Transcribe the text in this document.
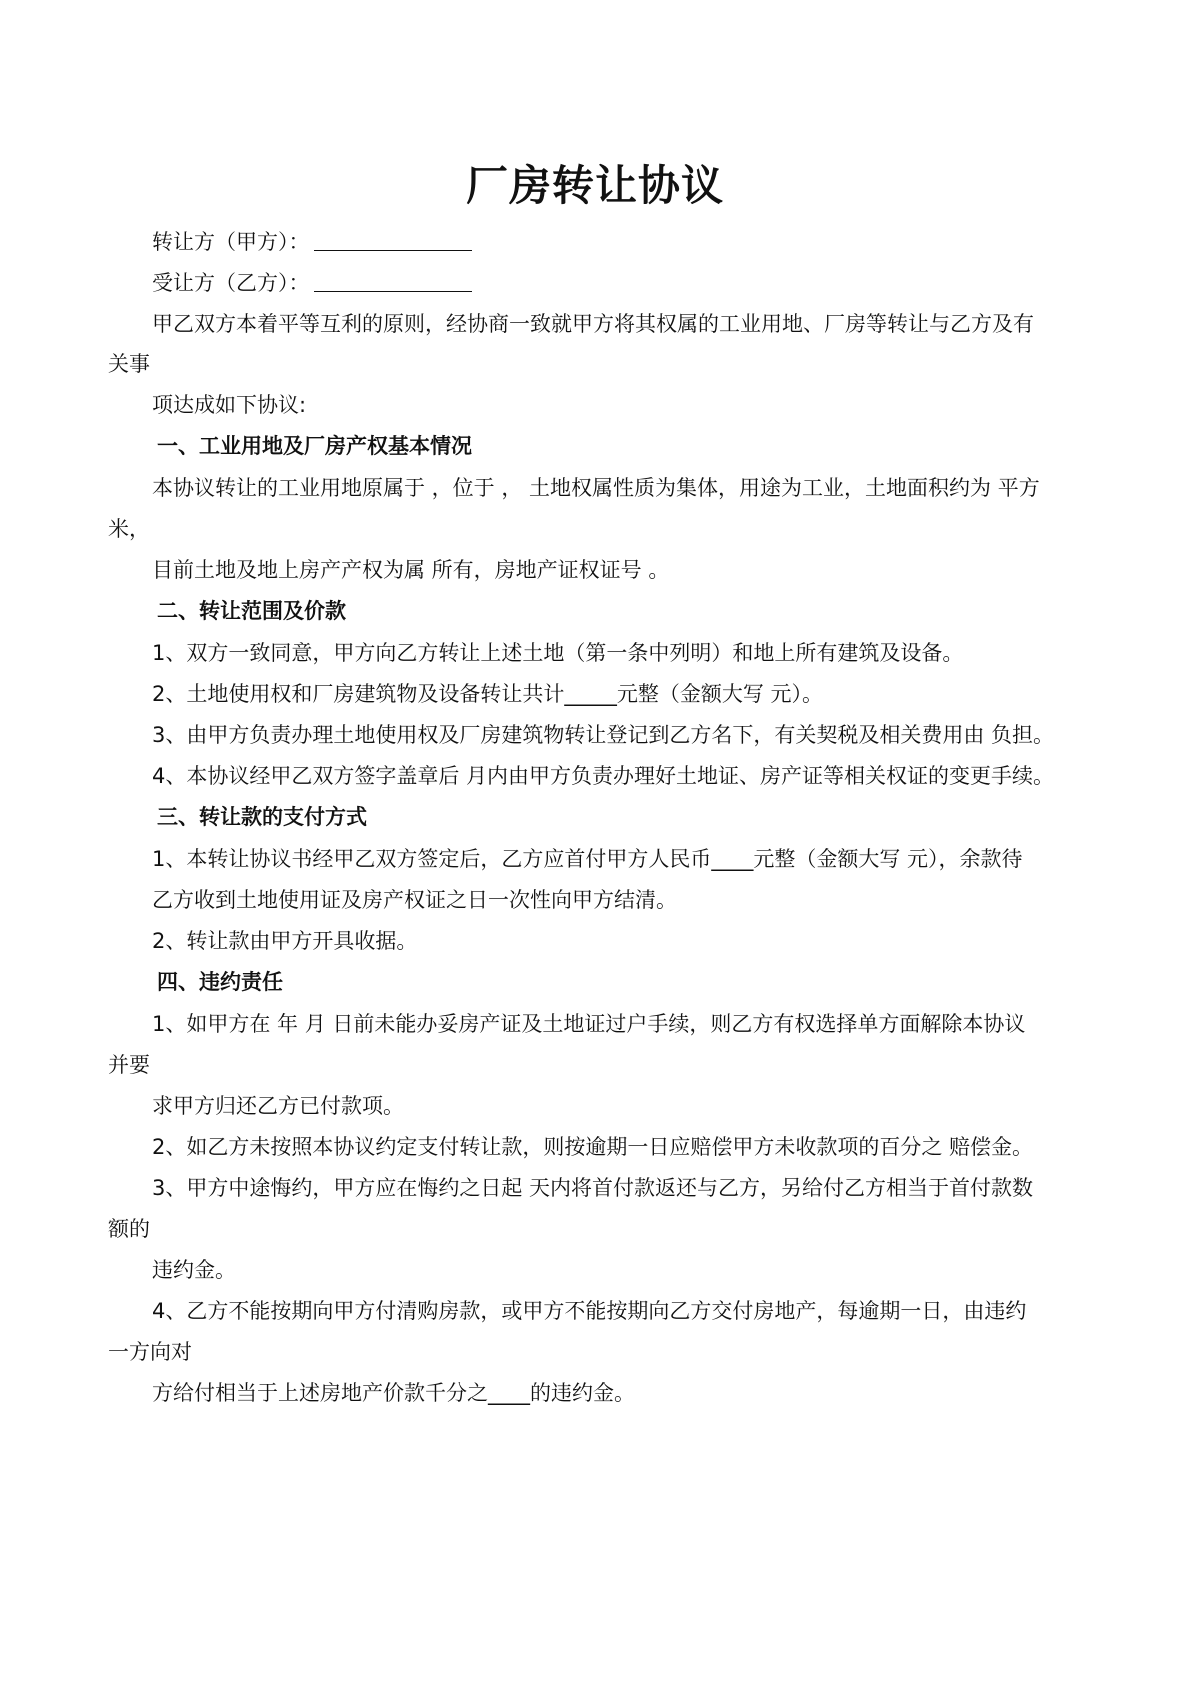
厂房转让协议

转让方（甲方）：

受让方（乙方）：

甲乙双方本着平等互利的原则，经协商一致就甲方将其权属的工业用地、厂房等转让与乙方及有

关事

项达成如下协议:

一、工业用地及厂房产权基本情况

本协议转让的工业用地原属于 ，位于 ， 土地权属性质为集体，用途为工业，土地面积约为 平方

米，

目前土地及地上房产产权为属 所有，房地产证权证号 。

二、转让范围及价款

1、双方一致同意，甲方向乙方转让上述土地（第一条中列明）和地上所有建筑及设备。

2、土地使用权和厂房建筑物及设备转让共计_____元整（金额大写 元）。

3、由甲方负责办理土地使用权及厂房建筑物转让登记到乙方名下，有关契税及相关费用由 负担。

4、本协议经甲乙双方签字盖章后 月内由甲方负责办理好土地证、房产证等相关权证的变更手续。

三、转让款的支付方式

1、本转让协议书经甲乙双方签定后，乙方应首付甲方人民币____元整（金额大写 元），余款待

乙方收到土地使用证及房产权证之日一次性向甲方结清。

2、转让款由甲方开具收据。

四、违约责任

1、如甲方在 年 月 日前未能办妥房产证及土地证过户手续，则乙方有权选择单方面解除本协议

并要

求甲方归还乙方已付款项。

2、如乙方未按照本协议约定支付转让款，则按逾期一日应赔偿甲方未收款项的百分之 赔偿金。

3、甲方中途悔约，甲方应在悔约之日起 天内将首付款返还与乙方，另给付乙方相当于首付款数

额的

违约金。

4、乙方不能按期向甲方付清购房款，或甲方不能按期向乙方交付房地产，每逾期一日，由违约

一方向对

方给付相当于上述房地产价款千分之____的违约金。
